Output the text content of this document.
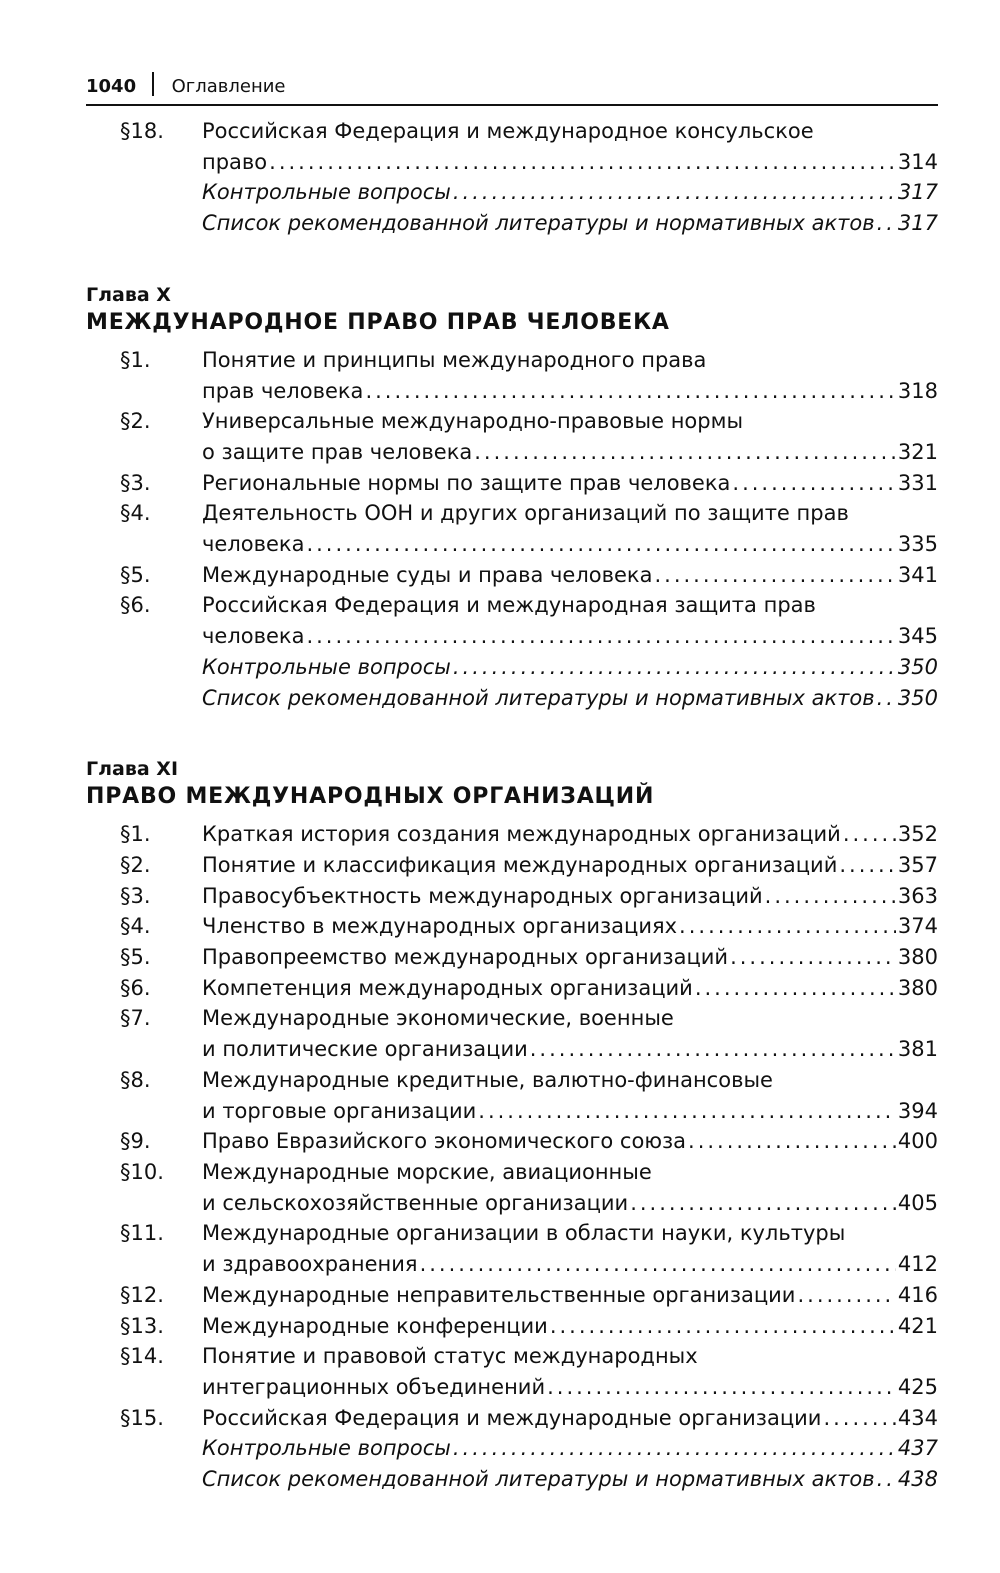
1040 Оглавление
§18.	Российская Федерация и международное консульское
право .....	314
Контрольные вопросы .....	317
Список рекомендованной литературы и нормативных актов ..... 317
Глава X
МЕЖДУНАРОДНОЕ ПРАВО ПРАВ ЧЕЛОВЕКА
§1.	Понятие и принципы международного права
прав человека .....	318
§2.	Универсальные международно-правовые нормы
о защите прав человека .....	321
§3.	Региональные нормы по защите прав человека .....	331
§4.	Деятельность ООН и других организаций по защите прав
человека .....	335
§5.	Международные суды и права человека .....	341
§6.	Российская Федерация и международная защита прав
человека .....	345
Контрольные вопросы .....	350
Список рекомендованной литературы и нормативных актов ..... 350
Глава XI
ПРАВО МЕЖДУНАРОДНЫХ ОРГАНИЗАЦИЙ
§1.	Краткая история создания международных организаций .....	352
§2.	Понятие и классификация международных организаций .....	357
§3.	Правосубъектность международных организаций .....	363
§4.	Членство в международных организациях .....	374
§5.	Правопреемство международных организаций .....	380
§6.	Компетенция международных организаций .....	380
§7.	Международные экономические, военные
и политические организации .....	381
§8.	Международные кредитные, валютно-финансовые
и торговые организации .....	394
§9.	Право Евразийского экономического союза .....	400
§10.	Международные морские, авиационные
и сельскохозяйственные организации .....	405
§11.	Международные организации в области науки, культуры
и здравоохранения .....	412
§12.	Международные неправительственные организации .....	416
§13.	Международные конференции .....	421
§14.	Понятие и правовой статус международных
интеграционных объединений .....	425
§15.	Российская Федерация и международные организации .....	434
Контрольные вопросы .....	437
Список рекомендованной литературы и нормативных актов ..... 438
